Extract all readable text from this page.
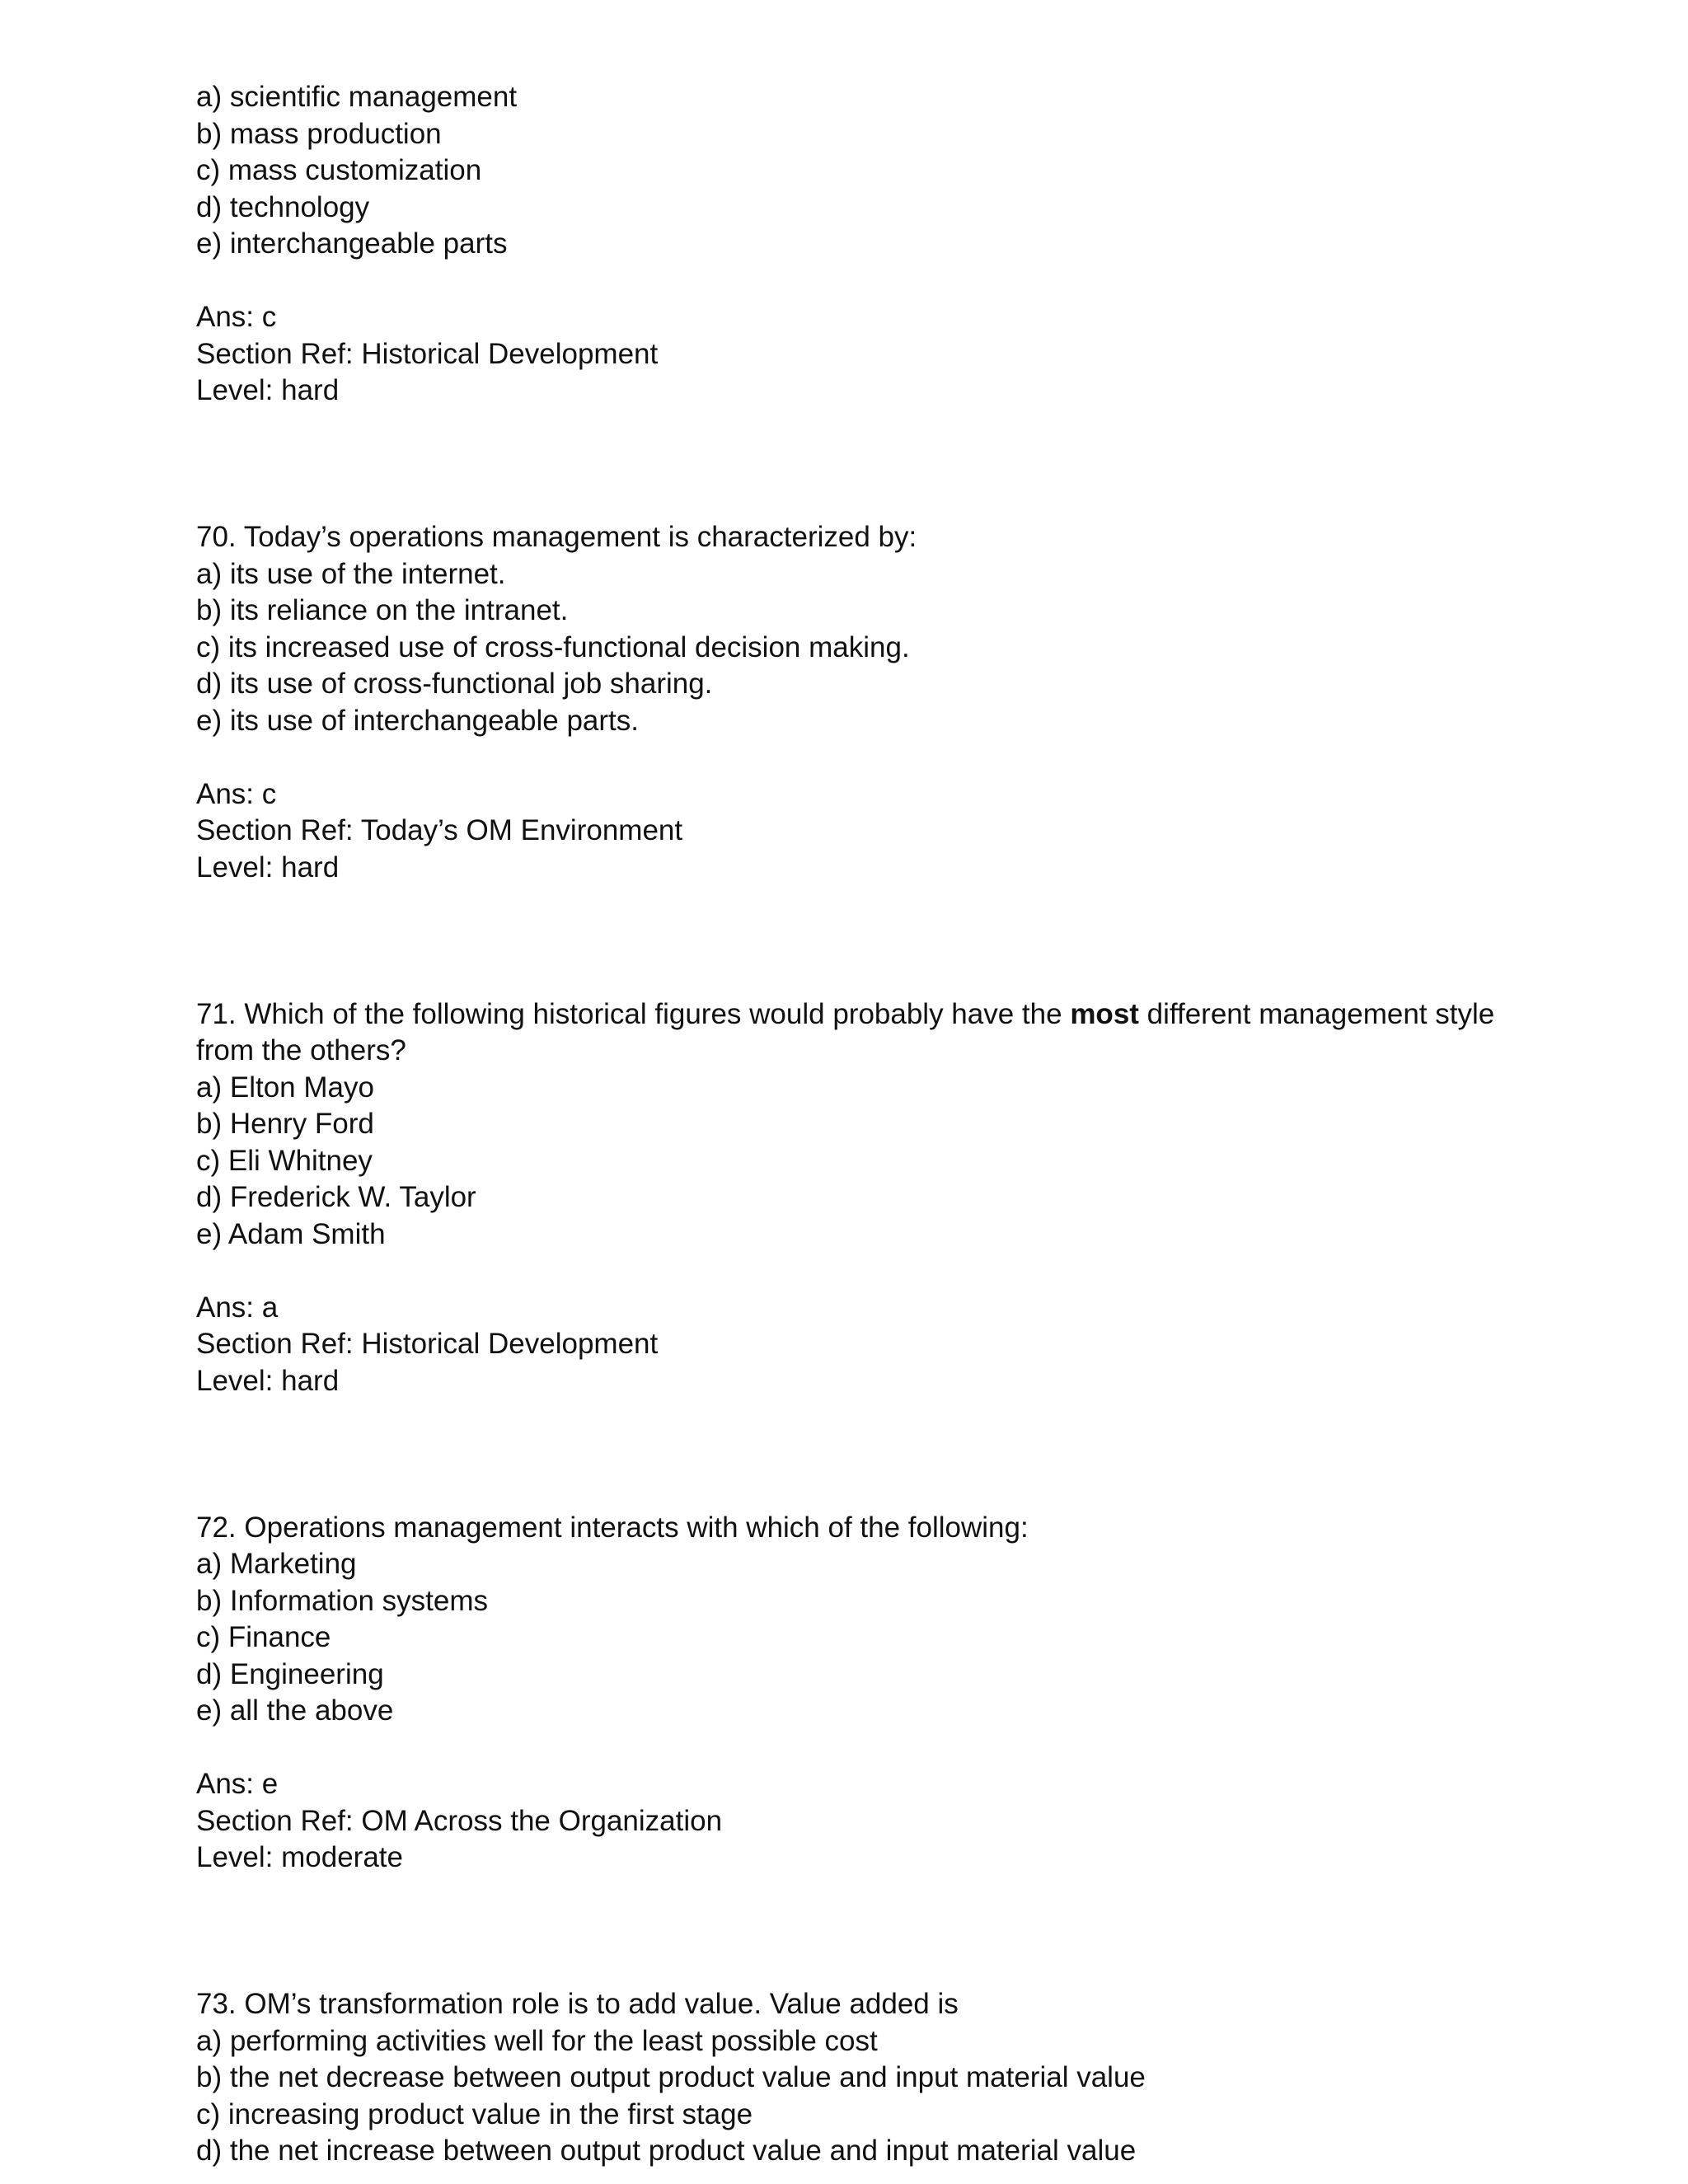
a) scientific management
b) mass production
c) mass customization
d) technology
e) interchangeable parts
Ans: c
Section Ref: Historical Development
Level: hard
70. Today’s operations management is characterized by:
a) its use of the internet.
b) its reliance on the intranet.
c) its increased use of cross-functional decision making.
d) its use of cross-functional job sharing.
e) its use of interchangeable parts.
Ans: c
Section Ref: Today’s OM Environment
Level: hard
71. Which of the following historical figures would probably have the most different management style
from the others?
a) Elton Mayo
b) Henry Ford
c) Eli Whitney
d) Frederick W. Taylor
e) Adam Smith
Ans: a
Section Ref: Historical Development
Level: hard
72. Operations management interacts with which of the following:
a) Marketing
b) Information systems
c) Finance
d) Engineering
e) all the above
Ans: e
Section Ref: OM Across the Organization
Level: moderate
73. OM’s transformation role is to add value. Value added is
a) performing activities well for the least possible cost
b) the net decrease between output product value and input material value
c) increasing product value in the first stage
d) the net increase between output product value and input material value
